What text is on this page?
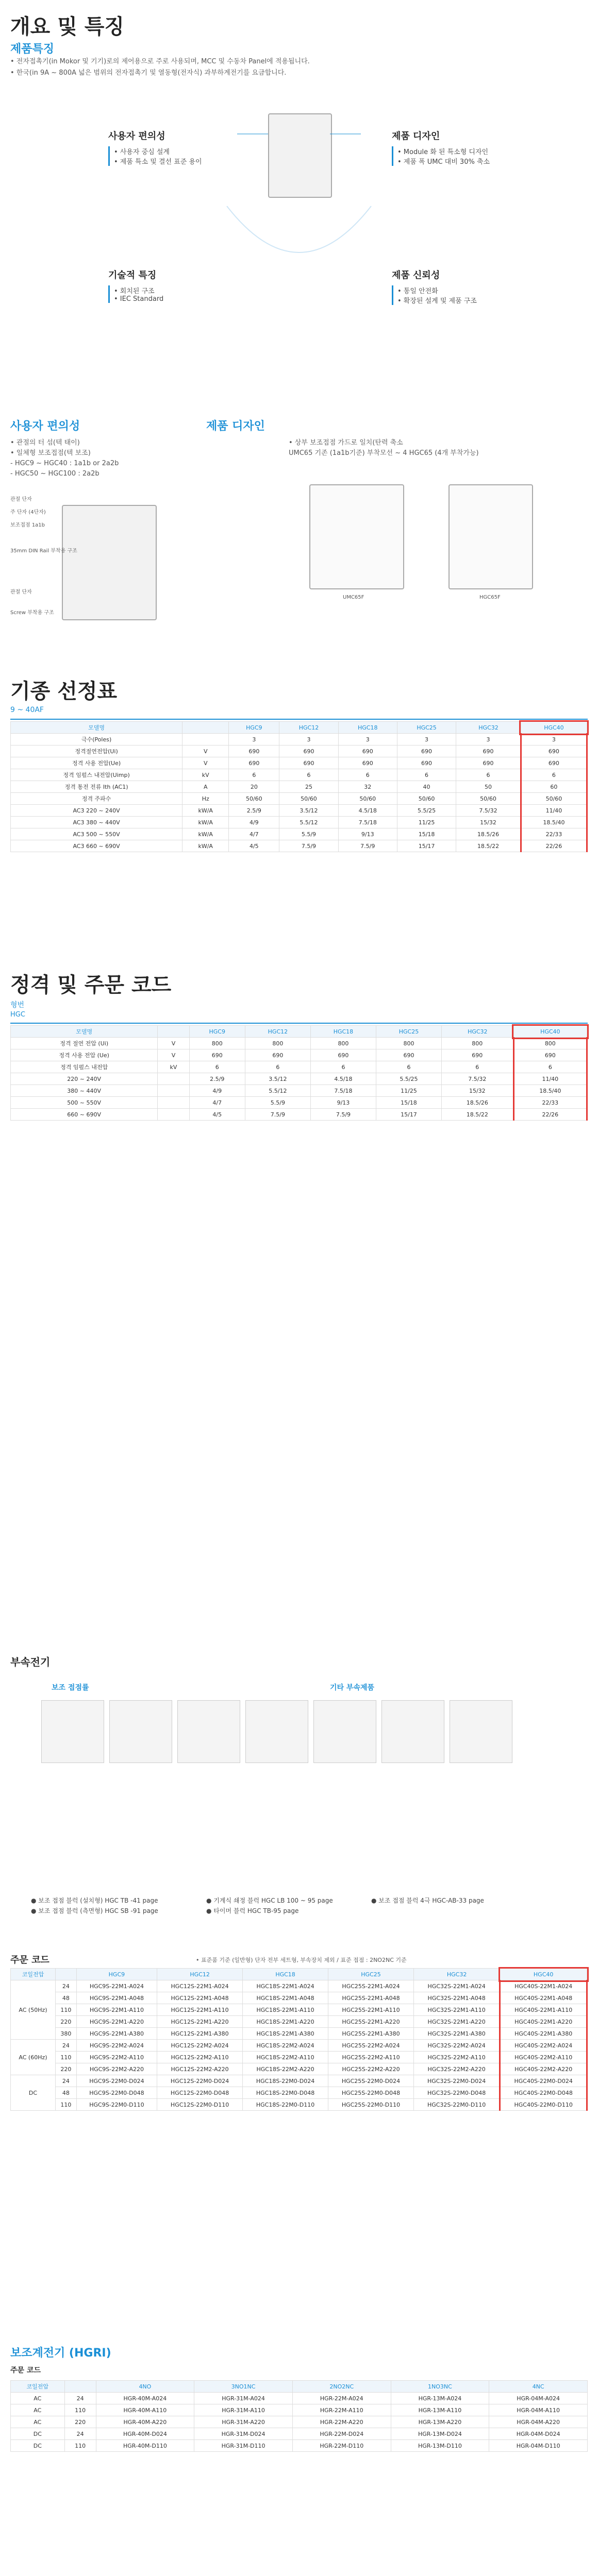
개요 및 특징
제품특징
• 전자접촉기(in Mokor 및 기기)로의 제어용으로 주로 사용되며, MCC 및 수동차 Panel에 적용됩니다.
• 한국(in 9A ~ 800A 넓은 범위의 전자접촉기 및 열동형(전자식) 과부하계전기를 요금합니다.
사용자 편의성
• 사용자 중심 설계
• 제품 특소 및 결선 표준 용이
제품 디자인
• Module 화 된 특소형 디자인
• 제품 폭 UMC 대비 30% 축소
기술적 특징
• 회치된 구조
• IEC Standard
제품 신뢰성
• 통일 안전화
• 확장된 설계 및 제품 구조
사용자 편의성
• 관절의 터 섬(텍 태이)
• 일체형 보조접점(텍 보조)
- HGC9 ~ HGC40 : 1a1b or 2a2b
- HGC50 ~ HGC100 : 2a2b
관절 단자
주 단자 (4단자)
보조접점 1a1b
35mm DIN Rail 부착용 구조
관절 단자
Screw 부착용 구조
제품 디자인
• 상부 보조접점 가드로 일치(탄력 축소
UMC65 기존 (1a1b기준) 부착모선 ~ 4 HGC65 (4개 부착가능)
UMC65F	HGC65F
기종 선정표
9 ~ 40AF
모델명		HGC9	HGC12	HGC18	HGC25	HGC32	HGC40
극수(Poles)		3	3	3	3	3	3
정격절연전압(Ui)	V	690	690	690	690	690	690
정격 사용 전압(Ue)	V	690	690	690	690	690	690
정격 임펄스 내전압(Uimp)	kV	6	6	6	6	6	6
정격 통전 전류 Ith (AC1)	A	20	25	32	40	50	60
정격 주파수	Hz	50/60	50/60	50/60	50/60	50/60	50/60
AC3 220 ~ 240V	kW/A	2.5/9	3.5/12	4.5/18	5.5/25	7.5/32	11/40
AC3 380 ~ 440V	kW/A	4/9	5.5/12	7.5/18	11/25	15/32	18.5/40
AC3 500 ~ 550V	kW/A	4/7	5.5/9	9/13	15/18	18.5/26	22/33
AC3 660 ~ 690V	kW/A	4/5	7.5/9	7.5/9	15/17	18.5/22	22/26
정격 및 주문 코드
형번
HGC
모델명		HGC9	HGC12	HGC18	HGC25	HGC32	HGC40
정격 절연 전압 (Ui)	V	800	800	800	800	800	800
정격 사용 전압 (Ue)	V	690	690	690	690	690	690
정격 임펄스 내전압	kV	6	6	6	6	6	6
220 ~ 240V		2.5/9	3.5/12	4.5/18	5.5/25	7.5/32	11/40
380 ~ 440V		4/9	5.5/12	7.5/18	11/25	15/32	18.5/40
500 ~ 550V		4/7	5.5/9	9/13	15/18	18.5/26	22/33
660 ~ 690V		4/5	7.5/9	7.5/9	15/17	18.5/22	22/26
부속전기
보조 접점률	기타 부속제품
● 보조 접점 블럭 (설치형) HGC TB -41 page	● 기계식 쇄정 블럭 HGC LB 100 ~ 95 page
● 보조 접점 블럭 (측면형) HGC SB -91 page	● 타이머 블럭 HGC TB-95 page
● 보조 접점 블럭 4극 HGC-AB-33 page
주문 코드	• 표준품 기준 (일반형) 단자 전부 세트형, 부속장치 제외 / 표준 접점 : 2NO2NC 기준
코일전압		HGC9	HGC12	HGC18	HGC25	HGC32	HGC40
AC (50Hz)	24	HGC9S-22M1-A024	HGC12S-22M1-A024	HGC18S-22M1-A024	HGC25S-22M1-A024	HGC32S-22M1-A024	HGC40S-22M1-A024
	48	HGC9S-22M1-A048	HGC12S-22M1-A048	HGC18S-22M1-A048	HGC25S-22M1-A048	HGC32S-22M1-A048	HGC40S-22M1-A048
	110	HGC9S-22M1-A110	HGC12S-22M1-A110	HGC18S-22M1-A110	HGC25S-22M1-A110	HGC32S-22M1-A110	HGC40S-22M1-A110
	220	HGC9S-22M1-A220	HGC12S-22M1-A220	HGC18S-22M1-A220	HGC25S-22M1-A220	HGC32S-22M1-A220	HGC40S-22M1-A220
	380	HGC9S-22M1-A380	HGC12S-22M1-A380	HGC18S-22M1-A380	HGC25S-22M1-A380	HGC32S-22M1-A380	HGC40S-22M1-A380
AC (60Hz)	24	HGC9S-22M2-A024	HGC12S-22M2-A024	HGC18S-22M2-A024	HGC25S-22M2-A024	HGC32S-22M2-A024	HGC40S-22M2-A024
	110	HGC9S-22M2-A110	HGC12S-22M2-A110	HGC18S-22M2-A110	HGC25S-22M2-A110	HGC32S-22M2-A110	HGC40S-22M2-A110
	220	HGC9S-22M2-A220	HGC12S-22M2-A220	HGC18S-22M2-A220	HGC25S-22M2-A220	HGC32S-22M2-A220	HGC40S-22M2-A220
DC	24	HGC9S-22M0-D024	HGC12S-22M0-D024	HGC18S-22M0-D024	HGC25S-22M0-D024	HGC32S-22M0-D024	HGC40S-22M0-D024
	48	HGC9S-22M0-D048	HGC12S-22M0-D048	HGC18S-22M0-D048	HGC25S-22M0-D048	HGC32S-22M0-D048	HGC40S-22M0-D048
	110	HGC9S-22M0-D110	HGC12S-22M0-D110	HGC18S-22M0-D110	HGC25S-22M0-D110	HGC32S-22M0-D110	HGC40S-22M0-D110
보조계전기 (HGRI)
주문 코드
코일전압		4NO	3NO1NC	2NO2NC	1NO3NC	4NC
AC	24	HGR-40M-A024	HGR-31M-A024	HGR-22M-A024	HGR-13M-A024	HGR-04M-A024
AC	110	HGR-40M-A110	HGR-31M-A110	HGR-22M-A110	HGR-13M-A110	HGR-04M-A110
AC	220	HGR-40M-A220	HGR-31M-A220	HGR-22M-A220	HGR-13M-A220	HGR-04M-A220
DC	24	HGR-40M-D024	HGR-31M-D024	HGR-22M-D024	HGR-13M-D024	HGR-04M-D024
DC	110	HGR-40M-D110	HGR-31M-D110	HGR-22M-D110	HGR-13M-D110	HGR-04M-D110
